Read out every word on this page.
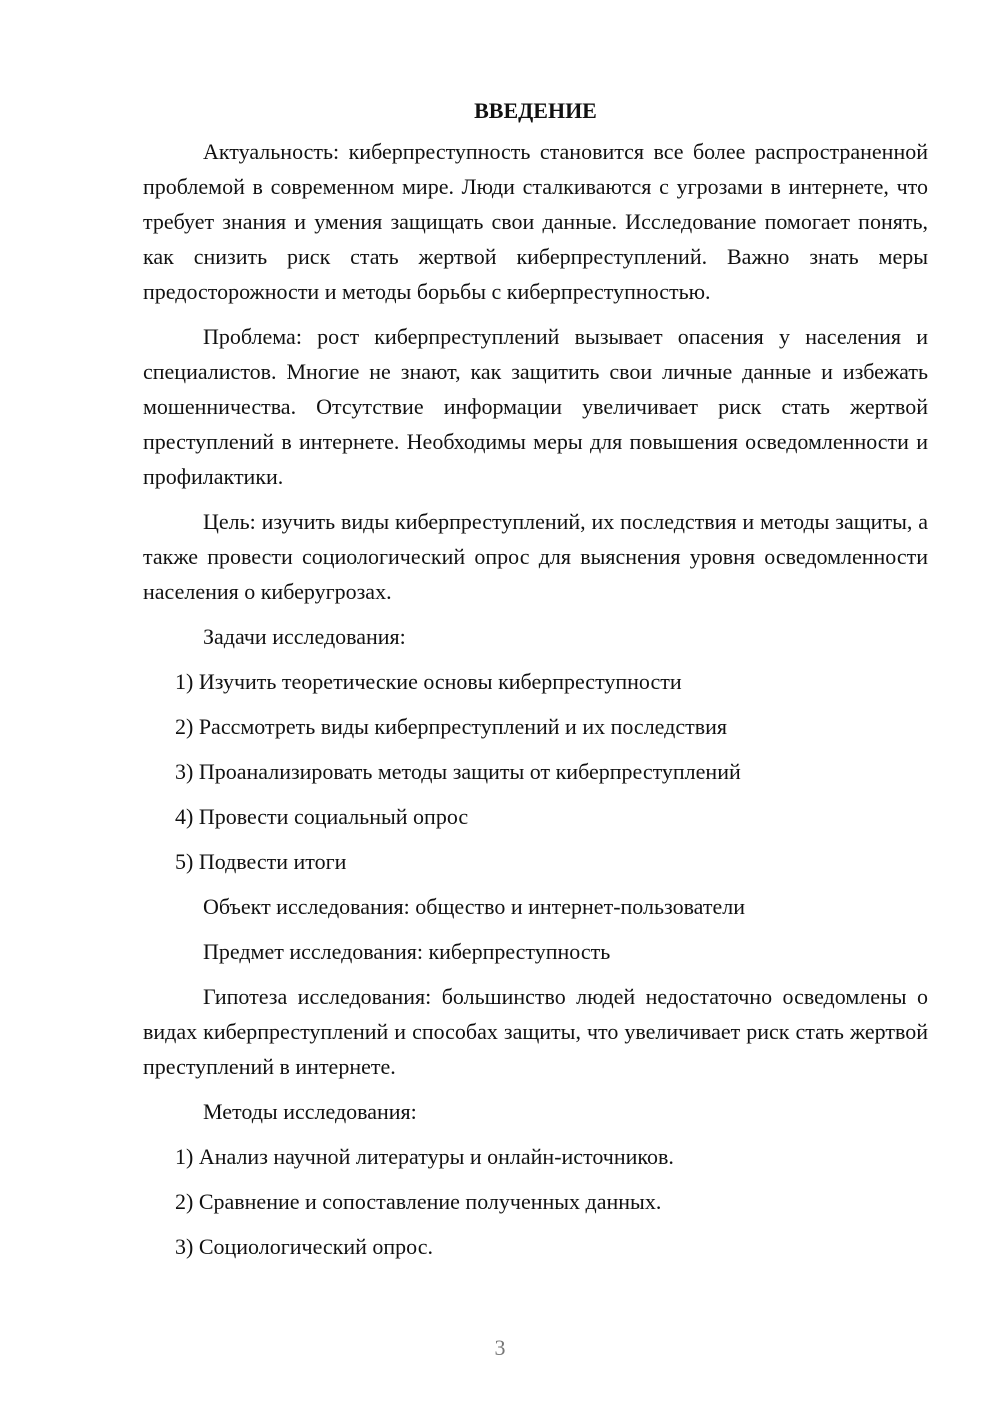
ВВЕДЕНИЕ

Актуальность: киберпреступность становится все более распространенной проблемой в современном мире. Люди сталкиваются с угрозами в интернете, что требует знания и умения защищать свои данные. Исследование помогает понять, как снизить риск стать жертвой киберпреступлений. Важно знать меры предосторожности и методы борьбы с киберпреступностью.

Проблема: рост киберпреступлений вызывает опасения у населения и специалистов. Многие не знают, как защитить свои личные данные и избежать мошенничества. Отсутствие информации увеличивает риск стать жертвой преступлений в интернете. Необходимы меры для повышения осведомленности и профилактики.

Цель: изучить виды киберпреступлений, их последствия и методы защиты, а также провести социологический опрос для выяснения уровня осведомленности населения о киберугрозах.

Задачи исследования:
1) Изучить теоретические основы киберпреступности
2) Рассмотреть виды киберпреступлений и их последствия
3) Проанализировать методы защиты от киберпреступлений
4) Провести социальный опрос
5) Подвести итоги
Объект исследования: общество и интернет-пользователи
Предмет исследования: киберпреступность

Гипотеза исследования: большинство людей недостаточно осведомлены о видах киберпреступлений и способах защиты, что увеличивает риск стать жертвой преступлений в интернете.

Методы исследования:
1) Анализ научной литературы и онлайн-источников.
2) Сравнение и сопоставление полученных данных.
3) Социологический опрос.
3
